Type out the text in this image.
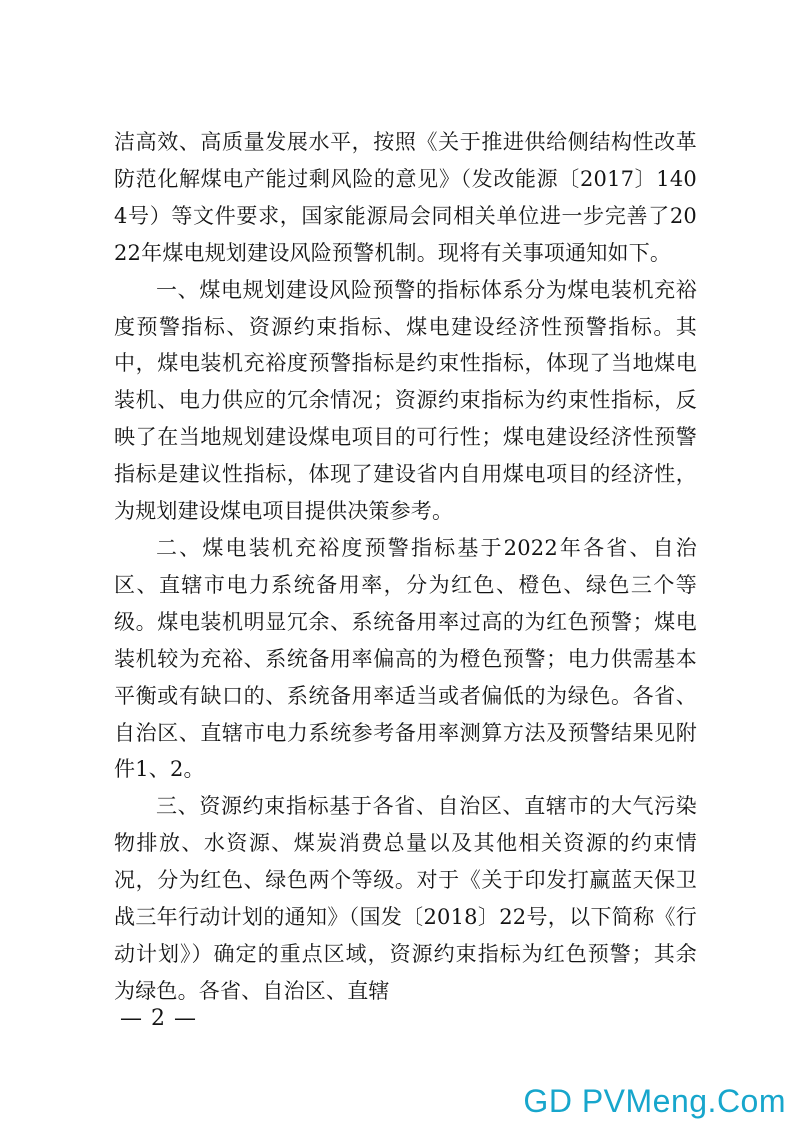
洁高效、高质量发展水平，按照《关于推进供给侧结构性改革 防范化解煤电产能过剩风险的意见》（发改能源〔2017〕1404号）等文件要求，国家能源局会同相关单位进一步完善了2022年煤电规划建设风险预警机制。现将有关事项通知如下。

一、煤电规划建设风险预警的指标体系分为煤电装机充裕度预警指标、资源约束指标、煤电建设经济性预警指标。其中，煤电装机充裕度预警指标是约束性指标，体现了当地煤电装机、电力供应的冗余情况；资源约束指标为约束性指标，反映了在当地规划建设煤电项目的可行性；煤电建设经济性预警指标是建议性指标，体现了建设省内自用煤电项目的经济性，为规划建设煤电项目提供决策参考。

二、煤电装机充裕度预警指标基于2022年各省、自治区、直辖市电力系统备用率，分为红色、橙色、绿色三个等级。煤电装机明显冗余、系统备用率过高的为红色预警；煤电装机较为充裕、系统备用率偏高的为橙色预警；电力供需基本平衡或有缺口的、系统备用率适当或者偏低的为绿色。各省、自治区、直辖市电力系统参考备用率测算方法及预警结果见附件1、2。

三、资源约束指标基于各省、自治区、直辖市的大气污染物排放、水资源、煤炭消费总量以及其他相关资源的约束情况，分为红色、绿色两个等级。对于《关于印发打赢蓝天保卫战三年行动计划的通知》（国发〔2018〕22号，以下简称《行动计划》）确定的重点区域，资源约束指标为红色预警；其余为绿色。各省、自治区、直辖

— 2 —
GD PVMeng.Com
